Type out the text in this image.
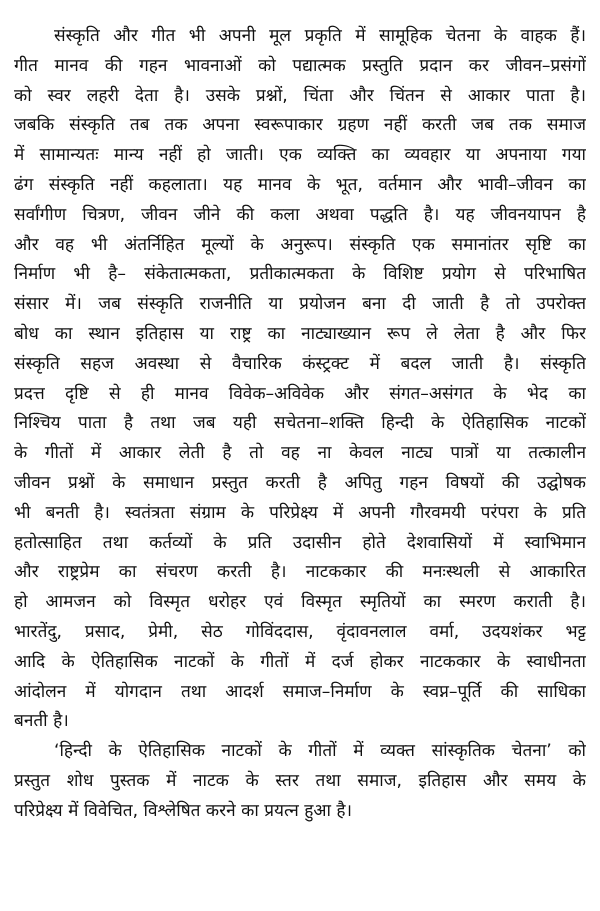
संस्कृति और गीत भी अपनी मूल प्रकृति में सामूहिक चेतना के वाहक हैं।
गीत मानव की गहन भावनाओं को पद्यात्मक प्रस्तुति प्रदान कर जीवन–प्रसंगों
को स्वर लहरी देता है। उसके प्रश्नों, चिंता और चिंतन से आकार पाता है।
जबकि संस्कृति तब तक अपना स्वरूपाकार ग्रहण नहीं करती जब तक समाज
में सामान्यतः मान्य नहीं हो जाती। एक व्यक्ति का व्यवहार या अपनाया गया
ढंग संस्कृति नहीं कहलाता। यह मानव के भूत, वर्तमान और भावी–जीवन का
सर्वांगीण चित्रण, जीवन जीने की कला अथवा पद्धति है। यह जीवनयापन है
और वह भी अंतर्निहित मूल्यों के अनुरूप। संस्कृति एक समानांतर सृष्टि का
निर्माण भी है– संकेतात्मकता, प्रतीकात्मकता के विशिष्ट प्रयोग से परिभाषित
संसार में। जब संस्कृति राजनीति या प्रयोजन बना दी जाती है तो उपरोक्त
बोध का स्थान इतिहास या राष्ट्र का नाट्याख्यान रूप ले लेता है और फिर
संस्कृति सहज अवस्था से वैचारिक कंस्ट्रक्ट में बदल जाती है। संस्कृति
प्रदत्त दृष्टि से ही मानव विवेक–अविवेक और संगत–असंगत के भेद का
निश्चिय पाता है तथा जब यही सचेतना–शक्ति हिन्दी के ऐतिहासिक नाटकों
के गीतों में आकार लेती है तो वह ना केवल नाट्य पात्रों या तत्कालीन
जीवन प्रश्नों के समाधान प्रस्तुत करती है अपितु गहन विषयों की उद्घोषक
भी बनती है। स्वतंत्रता संग्राम के परिप्रेक्ष्य में अपनी गौरवमयी परंपरा के प्रति
हतोत्साहित तथा कर्तव्यों के प्रति उदासीन होते देशवासियों में स्वाभिमान
और राष्ट्रप्रेम का संचरण करती है। नाटककार की मनःस्थली से आकारित
हो आमजन को विस्मृत धरोहर एवं विस्मृत स्मृतियों का स्मरण कराती है।
भारतेंदु, प्रसाद, प्रेमी, सेठ गोविंददास, वृंदावनलाल वर्मा, उदयशंकर भट्ट
आदि के ऐतिहासिक नाटकों के गीतों में दर्ज होकर नाटककार के स्वाधीनता
आंदोलन में योगदान तथा आदर्श समाज–निर्माण के स्वप्न–पूर्ति की साधिका
बनती है।
‘हिन्दी के ऐतिहासिक नाटकों के गीतों में व्यक्त सांस्कृतिक चेतना’ को
प्रस्तुत शोध पुस्तक में नाटक के स्तर तथा समाज, इतिहास और समय के
परिप्रेक्ष्य में विवेचित, विश्लेषित करने का प्रयत्न हुआ है।
